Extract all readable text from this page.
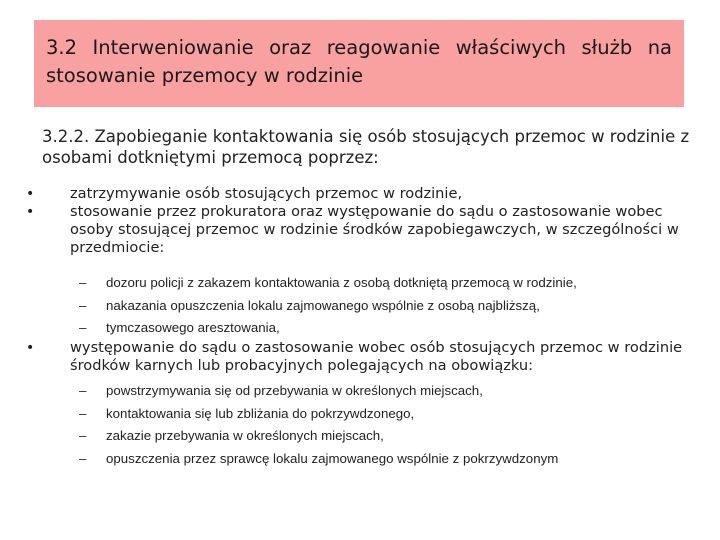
3.2 Interweniowanie oraz reagowanie właściwych służb na stosowanie przemocy w rodzinie

3.2.2. Zapobieganie kontaktowania się osób stosujących przemoc w rodzinie z osobami dotkniętymi przemocą poprzez:

•	zatrzymywanie osób stosujących przemoc w rodzinie,
•	stosowanie przez prokuratora oraz występowanie do sądu o zastosowanie wobec osoby stosującej przemoc w rodzinie środków zapobiegawczych, w szczególności w przedmiocie:
– dozoru policji z zakazem kontaktowania z osobą dotkniętą przemocą w rodzinie,
– nakazania opuszczenia lokalu zajmowanego wspólnie z osobą najbliższą,
– tymczasowego aresztowania,
•	występowanie do sądu o zastosowanie wobec osób stosujących przemoc w rodzinie środków karnych lub probacyjnych polegających na obowiązku:
– powstrzymywania się od przebywania w określonych miejscach,
– kontaktowania się lub zbliżania do pokrzywdzonego,
– zakazie przebywania w określonych miejscach,
– opuszczenia przez sprawcę lokalu zajmowanego wspólnie z pokrzywdzonym
